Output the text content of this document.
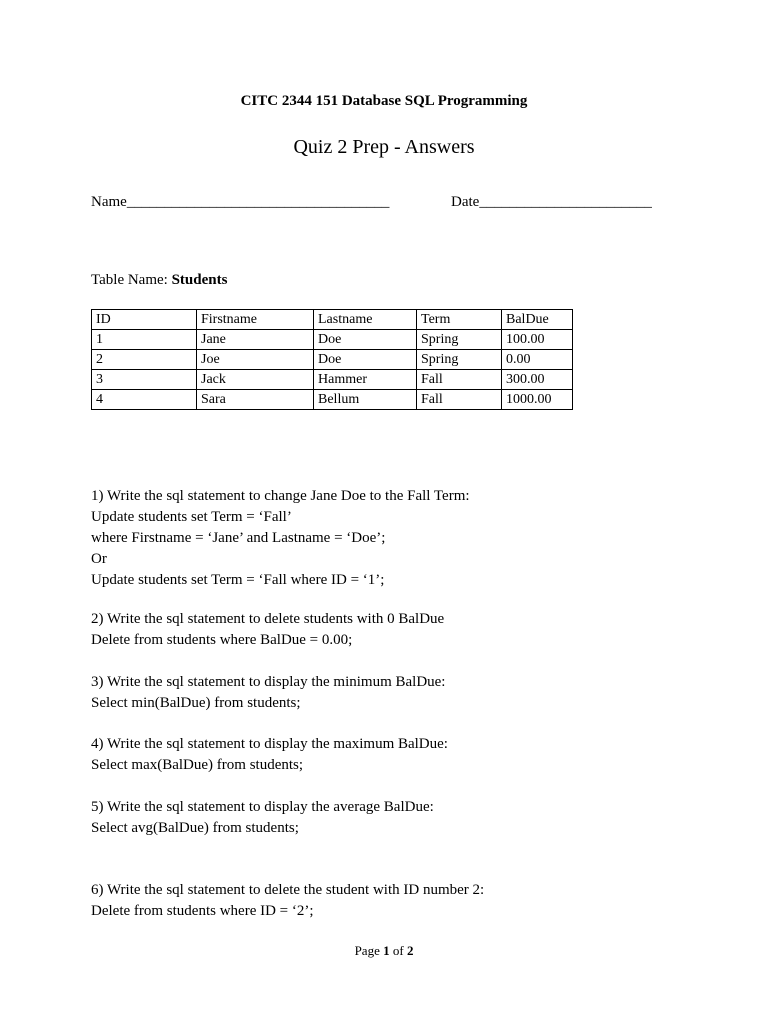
CITC 2344 151 Database SQL Programming
Quiz 2 Prep - Answers
Name___________________________________	Date_______________________
Table Name: Students
ID	Firstname	Lastname	Term	BalDue
1	Jane	Doe	Spring	100.00
2	Joe	Doe	Spring	0.00
3	Jack	Hammer	Fall	300.00
4	Sara	Bellum	Fall	1000.00
1) Write the sql statement to change Jane Doe to the Fall Term:
Update students set Term = ‘Fall’
where Firstname = ‘Jane’ and Lastname = ‘Doe’;
Or
Update students set Term = ‘Fall where ID = ‘1’;
2) Write the sql statement to delete students with 0 BalDue
Delete from students where BalDue = 0.00;
3) Write the sql statement to display the minimum BalDue:
Select min(BalDue) from students;
4) Write the sql statement to display the maximum BalDue:
Select max(BalDue) from students;
5) Write the sql statement to display the average BalDue:
Select avg(BalDue) from students;
6) Write the sql statement to delete the student with ID number 2:
Delete from students where ID = ‘2’;
Page 1 of 2
